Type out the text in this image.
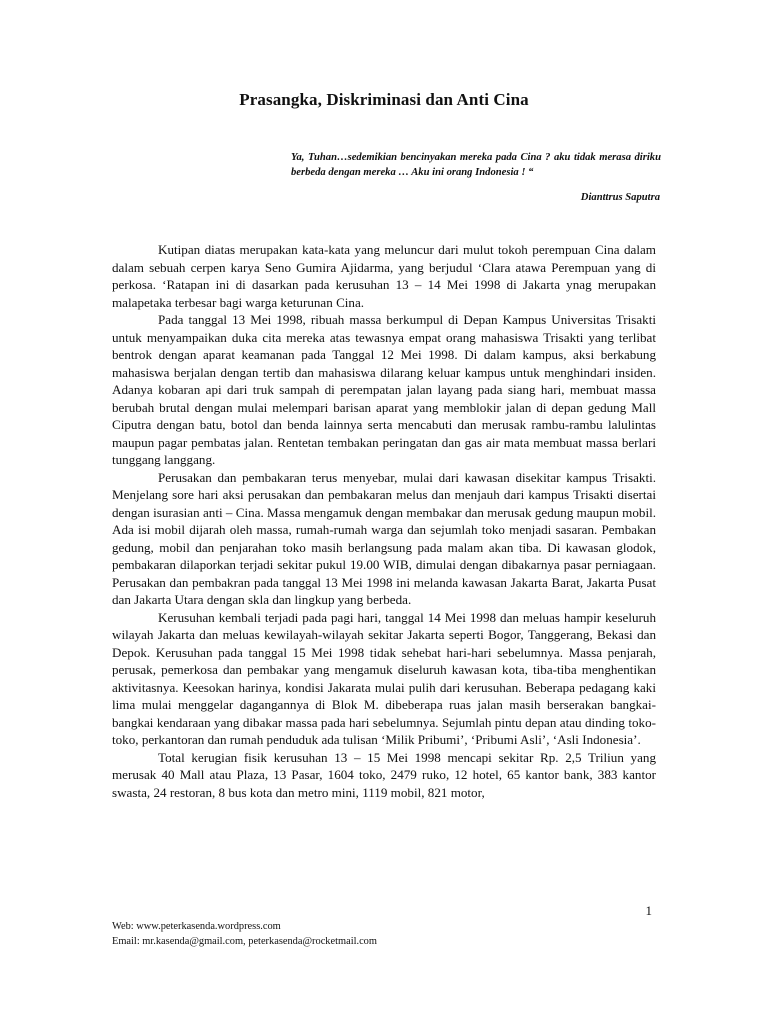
Prasangka, Diskriminasi dan Anti Cina
Ya, Tuhan…sedemikian bencinyakan mereka pada Cina ? aku tidak merasa diriku berbeda dengan mereka … Aku ini orang Indonesia ! “
Dianttrus Saputra

Kutipan diatas merupakan kata-kata yang meluncur dari mulut tokoh perempuan Cina dalam dalam sebuah cerpen karya Seno Gumira Ajidarma, yang berjudul ‘Clara atawa Perempuan yang di perkosa. ‘Ratapan ini di dasarkan pada kerusuhan 13 – 14 Mei 1998 di Jakarta ynag merupakan malapetaka terbesar bagi warga keturunan Cina.

Pada tanggal 13 Mei 1998, ribuah massa berkumpul di Depan Kampus Universitas Trisakti untuk menyampaikan duka cita mereka atas tewasnya empat orang mahasiswa Trisakti yang terlibat bentrok dengan aparat keamanan pada Tanggal 12 Mei 1998. Di dalam kampus, aksi berkabung mahasiswa berjalan dengan tertib dan mahasiswa dilarang keluar kampus untuk menghindari insiden. Adanya kobaran api dari truk sampah di perempatan jalan layang pada siang hari, membuat massa berubah brutal dengan mulai melempari barisan aparat yang memblokir jalan di depan gedung Mall Ciputra dengan batu, botol dan benda lainnya serta mencabuti dan merusak rambu-rambu lalulintas maupun pagar pembatas jalan. Rentetan tembakan peringatan dan gas air mata membuat massa berlari tunggang langgang.

Perusakan dan pembakaran terus menyebar, mulai dari kawasan disekitar kampus Trisakti. Menjelang sore hari aksi perusakan dan pembakaran melus dan menjauh dari kampus Trisakti disertai dengan isurasian anti – Cina. Massa mengamuk dengan membakar dan merusak gedung maupun mobil. Ada isi mobil dijarah oleh massa, rumah-rumah warga dan sejumlah toko menjadi sasaran. Pembakan gedung, mobil dan penjarahan toko masih berlangsung pada malam akan tiba. Di kawasan glodok, pembakaran dilaporkan terjadi sekitar pukul 19.00 WIB, dimulai dengan dibakarnya pasar perniagaan. Perusakan dan pembakran pada tanggal 13 Mei 1998 ini melanda kawasan Jakarta Barat, Jakarta Pusat dan Jakarta Utara dengan skla dan lingkup yang berbeda.

Kerusuhan kembali terjadi pada pagi hari, tanggal 14 Mei 1998 dan meluas hampir keseluruh wilayah Jakarta dan meluas kewilayah-wilayah sekitar Jakarta seperti Bogor, Tanggerang, Bekasi dan Depok. Kerusuhan pada tanggal 15 Mei 1998 tidak sehebat hari-hari sebelumnya. Massa penjarah, perusak, pemerkosa dan pembakar yang mengamuk diseluruh kawasan kota, tiba-tiba menghentikan aktivitasnya. Keesokan harinya, kondisi Jakarata mulai pulih dari kerusuhan. Beberapa pedagang kaki lima mulai menggelar dagangannya di Blok M. dibeberapa ruas jalan masih berserakan bangkai-bangkai kendaraan yang dibakar massa pada hari sebelumnya. Sejumlah pintu depan atau dinding toko-toko, perkantoran dan rumah penduduk ada tulisan ‘Milik Pribumi’, ‘Pribumi Asli’, ‘Asli Indonesia’.

Total kerugian fisik kerusuhan 13 – 15 Mei 1998 mencapi sekitar Rp. 2,5 Triliun yang merusak 40 Mall atau Plaza, 13 Pasar, 1604 toko, 2479 ruko, 12 hotel, 65 kantor bank, 383 kantor swasta, 24 restoran, 8 bus kota dan metro mini, 1119 mobil, 821 motor,

1
Web: www.peterkasenda.wordpress.com
Email: mr.kasenda@gmail.com, peterkasenda@rocketmail.com
